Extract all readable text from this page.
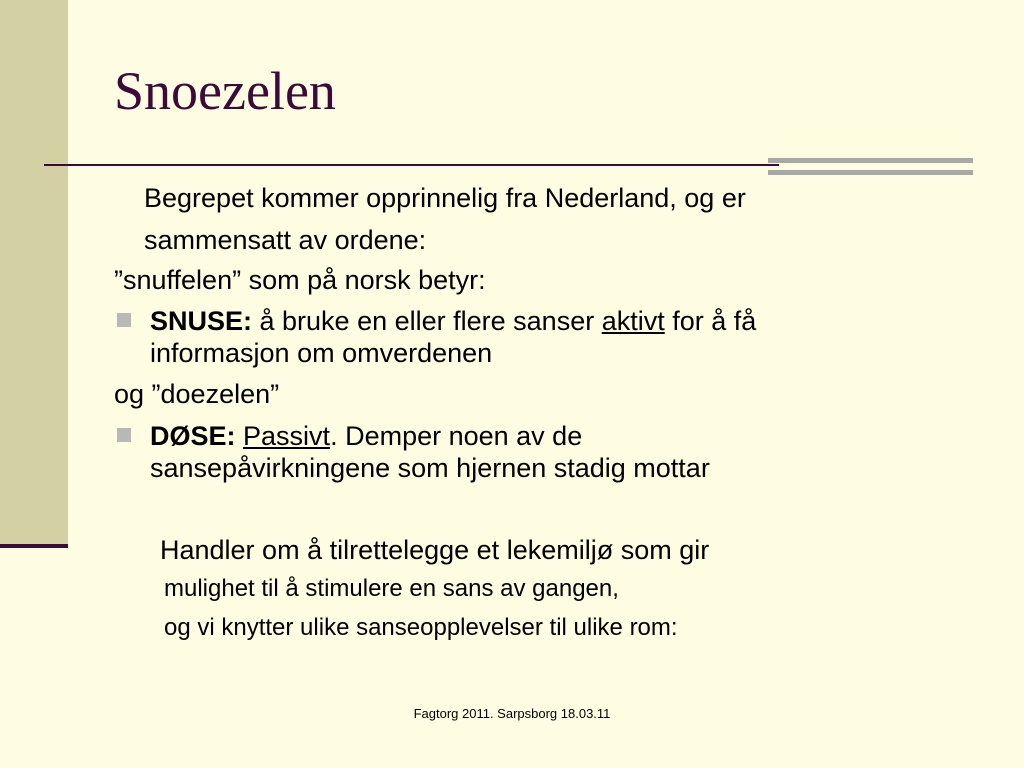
Snoezelen
Begrepet kommer opprinnelig fra Nederland, og er
sammensatt av ordene:
”snuffelen” som på norsk betyr:
SNUSE: å bruke en eller flere sanser aktivt for å få
informasjon om omverdenen
og ”doezelen”
DØSE: Passivt. Demper noen av de
sansepåvirkningene som hjernen stadig mottar
Handler om å tilrettelegge et lekemiljø som gir
mulighet til å stimulere en sans av gangen,
og vi knytter ulike sanseopplevelser til ulike rom:
Fagtorg 2011. Sarpsborg 18.03.11
